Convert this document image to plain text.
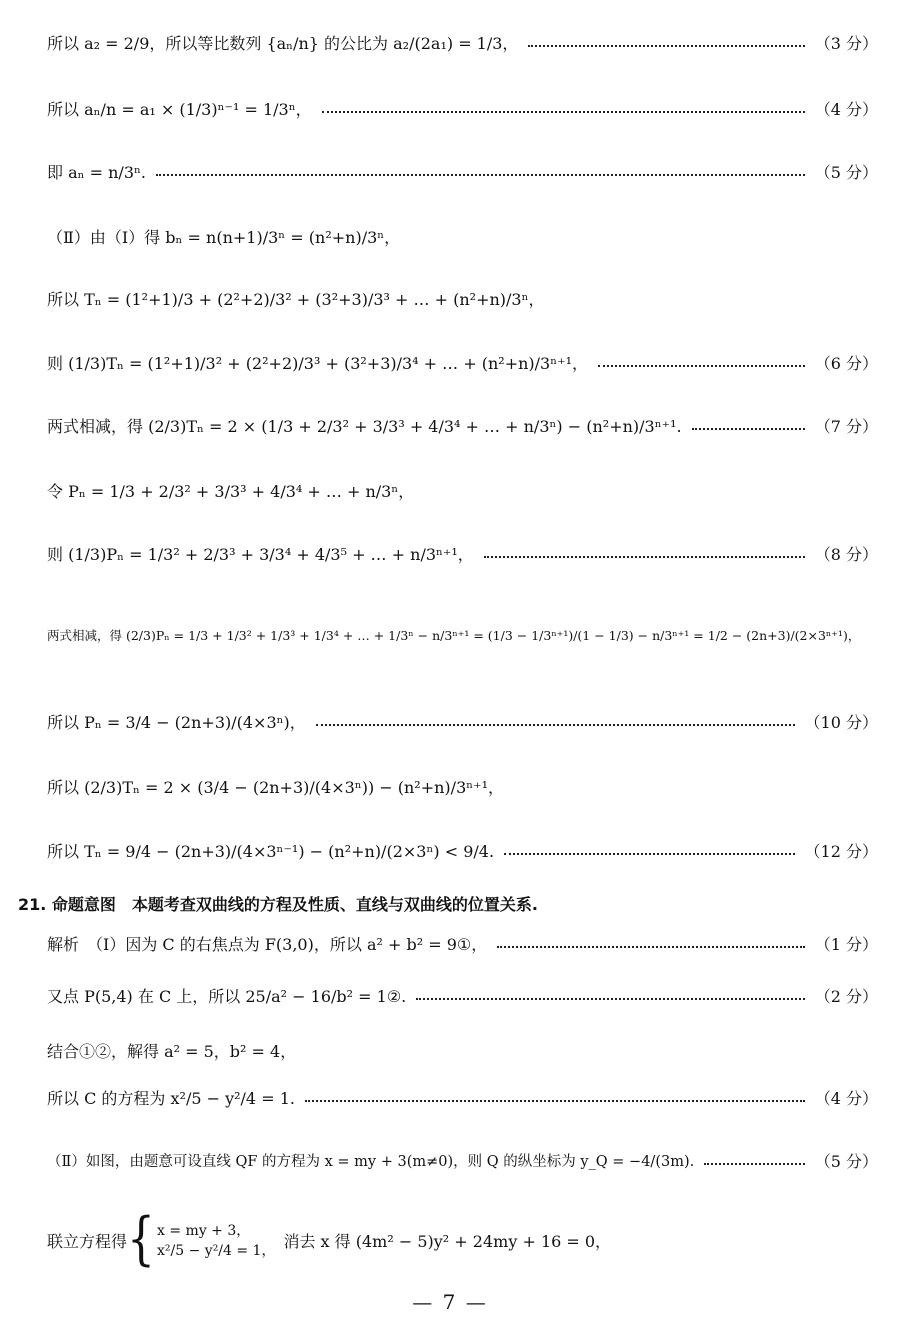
所以 a₂ = 2/9，所以等比数列 {aₙ/n} 的公比为 a₂/(2a₁) = 1/3，	（3 分）
所以 aₙ/n = a₁ × (1/3)ⁿ⁻¹ = 1/3ⁿ，	（4 分）
即 aₙ = n/3ⁿ.	（5 分）
（Ⅱ）由（Ⅰ）得 bₙ = n(n+1)/3ⁿ = (n²+n)/3ⁿ，
所以 Tₙ = (1²+1)/3 + (2²+2)/3² + (3²+3)/3³ + … + (n²+n)/3ⁿ，
则 (1/3)Tₙ = (1²+1)/3² + (2²+2)/3³ + (3²+3)/3⁴ + … + (n²+n)/3ⁿ⁺¹，	（6 分）
两式相减，得 (2/3)Tₙ = 2 × (1/3 + 2/3² + 3/3³ + 4/3⁴ + … + n/3ⁿ) − (n²+n)/3ⁿ⁺¹.	（7 分）
令 Pₙ = 1/3 + 2/3² + 3/3³ + 4/3⁴ + … + n/3ⁿ，
则 (1/3)Pₙ = 1/3² + 2/3³ + 3/3⁴ + 4/3⁵ + … + n/3ⁿ⁺¹，	（8 分）
两式相减，得 (2/3)Pₙ = 1/3 + 1/3² + 1/3³ + 1/3⁴ + … + 1/3ⁿ − n/3ⁿ⁺¹ = (1/3 − 1/3ⁿ⁺¹)/(1 − 1/3) − n/3ⁿ⁺¹ = 1/2 − (2n+3)/(2×3ⁿ⁺¹)，
所以 Pₙ = 3/4 − (2n+3)/(4×3ⁿ)，	（10 分）
所以 (2/3)Tₙ = 2 × (3/4 − (2n+3)/(4×3ⁿ)) − (n²+n)/3ⁿ⁺¹，
所以 Tₙ = 9/4 − (2n+3)/(4×3ⁿ⁻¹) − (n²+n)/(2×3ⁿ) < 9/4.	（12 分）
21. 命题意图　本题考查双曲线的方程及性质、直线与双曲线的位置关系.
解析　（Ⅰ）因为 C 的右焦点为 F(3,0)，所以 a² + b² = 9①，	（1 分）
又点 P(5,4) 在 C 上，所以 25/a² − 16/b² = 1②.	（2 分）
结合①②，解得 a² = 5，b² = 4，
所以 C 的方程为 x²/5 − y²/4 = 1.	（4 分）
（Ⅱ）如图，由题意可设直线 QF 的方程为 x = my + 3(m≠0)，则 Q 的纵坐标为 y_Q = −4/(3m).	（5 分）
联立方程得 { x = my + 3，
x²/5 − y²/4 = 1，
消去 x 得 (4m² − 5)y² + 24my + 16 = 0，
— 7 —
